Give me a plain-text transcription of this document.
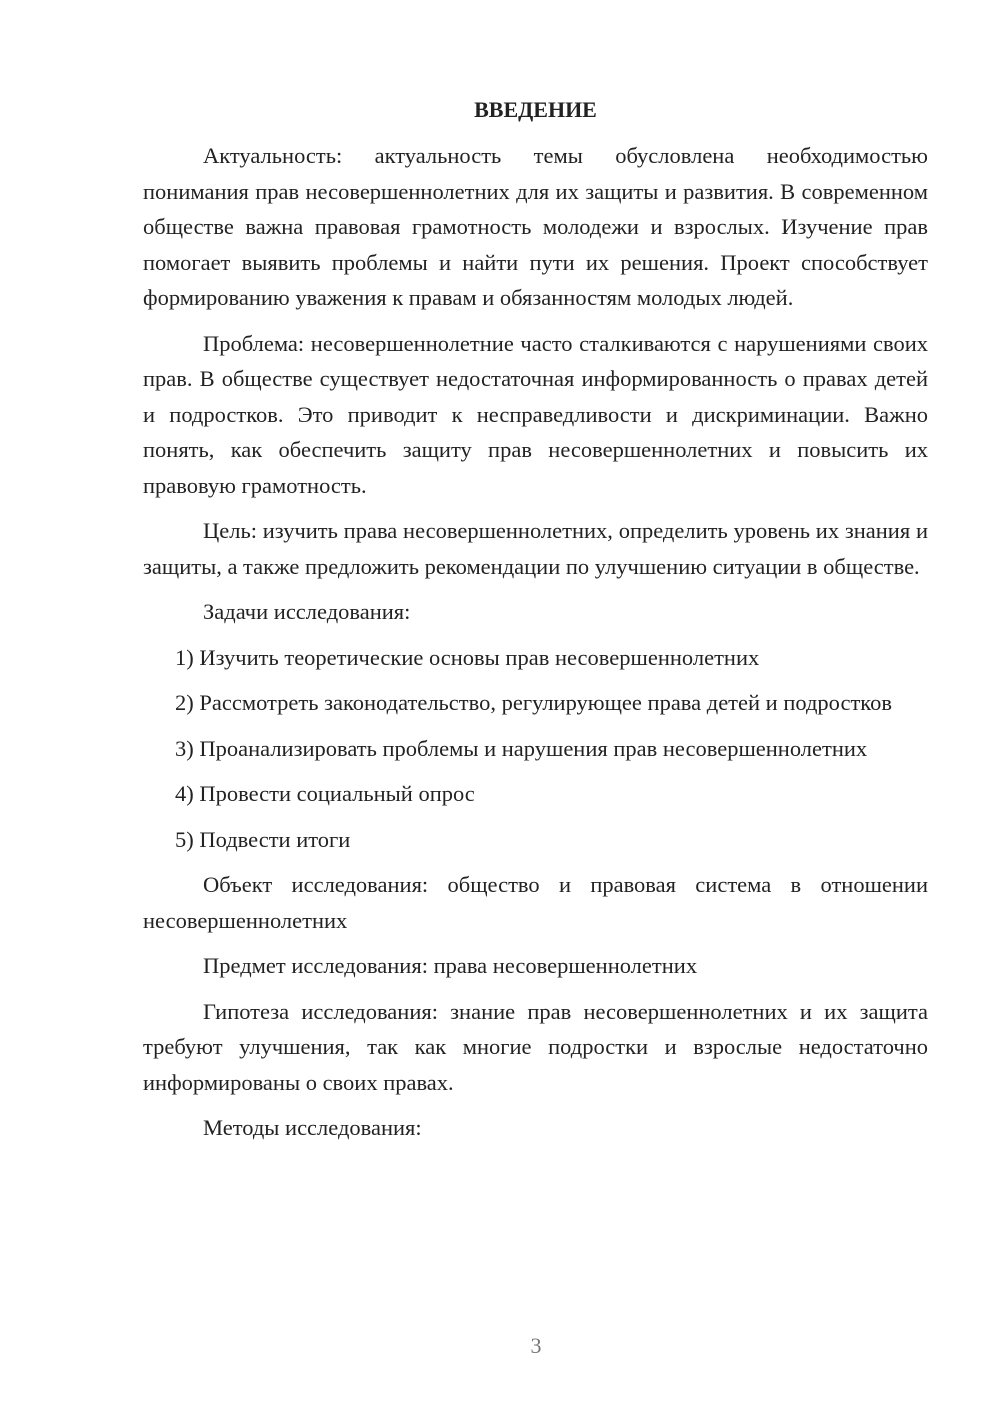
ВВЕДЕНИЕ

Актуальность: актуальность темы обусловлена необходимостью понимания прав несовершеннолетних для их защиты и развития. В современном обществе важна правовая грамотность молодежи и взрослых. Изучение прав помогает выявить проблемы и найти пути их решения. Проект способствует формированию уважения к правам и обязанностям молодых людей.

Проблема: несовершеннолетние часто сталкиваются с нарушениями своих прав. В обществе существует недостаточная информированность о правах детей и подростков. Это приводит к несправедливости и дискриминации. Важно понять, как обеспечить защиту прав несовершеннолетних и повысить их правовую грамотность.

Цель: изучить права несовершеннолетних, определить уровень их знания и защиты, а также предложить рекомендации по улучшению ситуации в обществе.

Задачи исследования:

1) Изучить теоретические основы прав несовершеннолетних

2) Рассмотреть законодательство, регулирующее права детей и подростков

3) Проанализировать проблемы и нарушения прав несовершеннолетних

4) Провести социальный опрос

5) Подвести итоги

Объект исследования: общество и правовая система в отношении несовершеннолетних

Предмет исследования: права несовершеннолетних

Гипотеза исследования: знание прав несовершеннолетних и их защита требуют улучшения, так как многие подростки и взрослые недостаточно информированы о своих правах.

Методы исследования:

3
